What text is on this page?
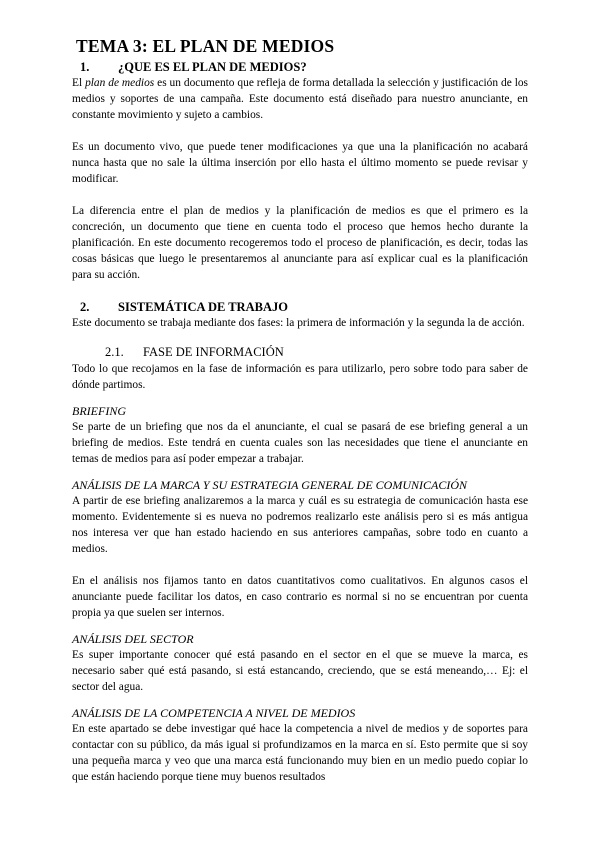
TEMA 3: EL PLAN DE MEDIOS
1. ¿QUE ES EL PLAN DE MEDIOS?

El plan de medios es un documento que refleja de forma detallada la selección y justificación de los medios y soportes de una campaña. Este documento está diseñado para nuestro anunciante, en constante movimiento y sujeto a cambios.

Es un documento vivo, que puede tener modificaciones ya que una la planificación no acabará nunca hasta que no sale la última inserción por ello hasta el último momento se puede revisar y modificar.

La diferencia entre el plan de medios y la planificación de medios es que el primero es la concreción, un documento que tiene en cuenta todo el proceso que hemos hecho durante la planificación. En este documento recogeremos todo el proceso de planificación, es decir, todas las cosas básicas que luego le presentaremos al anunciante para así explicar cual es la planificación para su acción.

2. SISTEMÁTICA DE TRABAJO

Este documento se trabaja mediante dos fases: la primera de información y la segunda la de acción.

2.1. FASE DE INFORMACIÓN

Todo lo que recojamos en la fase de información es para utilizarlo, pero sobre todo para saber de dónde partimos.

BRIEFING

Se parte de un briefing que nos da el anunciante, el cual se pasará de ese briefing general a un briefing de medios. Este tendrá en cuenta cuales son las necesidades que tiene el anunciante en temas de medios para así poder empezar a trabajar.

ANÁLISIS DE LA MARCA Y SU ESTRATEGIA GENERAL DE COMUNICACIÓN

A partir de ese briefing analizaremos a la marca y cuál es su estrategia de comunicación hasta ese momento. Evidentemente si es nueva no podremos realizarlo este análisis pero si es más antigua nos interesa ver que han estado haciendo en sus anteriores campañas, sobre todo en cuanto a medios.

En el análisis nos fijamos tanto en datos cuantitativos como cualitativos. En algunos casos el anunciante puede facilitar los datos, en caso contrario es normal si no se encuentran por cuenta propia ya que suelen ser internos.

ANÁLISIS DEL SECTOR

Es super importante conocer qué está pasando en el sector en el que se mueve la marca, es necesario saber qué está pasando, si está estancando, creciendo, que se está meneando,… Ej: el sector del agua.

ANÁLISIS DE LA COMPETENCIA A NIVEL DE MEDIOS

En este apartado se debe investigar qué hace la competencia a nivel de medios y de soportes para contactar con su público, da más igual si profundizamos en la marca en sí. Esto permite que si soy una pequeña marca y veo que una marca está funcionando muy bien en un medio puedo copiar lo que están haciendo porque tiene muy buenos resultados
